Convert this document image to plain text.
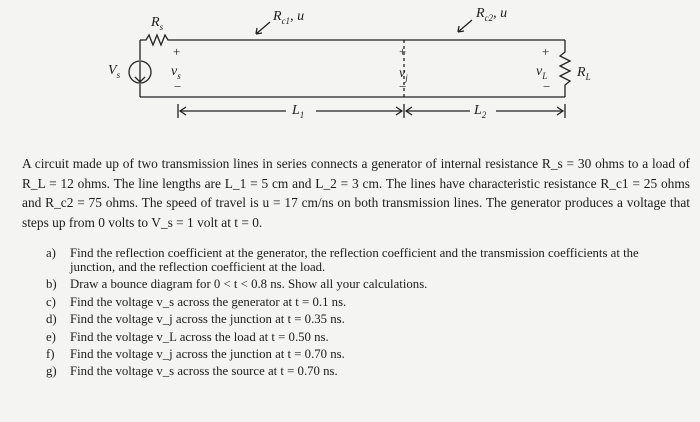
$R_s$
$R_{c1}$, u	$R_{c2}$, u
$V_s$
+
$v_s$
−
+
$v_j$
−
+
$v_L$
−
$R_L$
$L_1$	$L_2$

A circuit made up of two transmission lines in series connects a generator of internal resistance R_s = 30 ohms to a load of R_L = 12 ohms. The line lengths are L_1 = 5 cm and L_2 = 3 cm. The lines have characteristic resistance R_c1 = 25 ohms and R_c2 = 75 ohms. The speed of travel is u = 17 cm/ns on both transmission lines. The generator produces a voltage that steps up from 0 volts to V_s = 1 volt at t = 0.

a) Find the reflection coefficient at the generator, the reflection coefficient and the transmission coefficients at the junction, and the reflection coefficient at the load.
b) Draw a bounce diagram for 0 < t < 0.8 ns. Show all your calculations.
c) Find the voltage v_s across the generator at t = 0.1 ns.
d) Find the voltage v_j across the junction at t = 0.35 ns.
e) Find the voltage v_L across the load at t = 0.50 ns.
f) Find the voltage v_j across the junction at t = 0.70 ns.
g) Find the voltage v_s across the source at t = 0.70 ns.
